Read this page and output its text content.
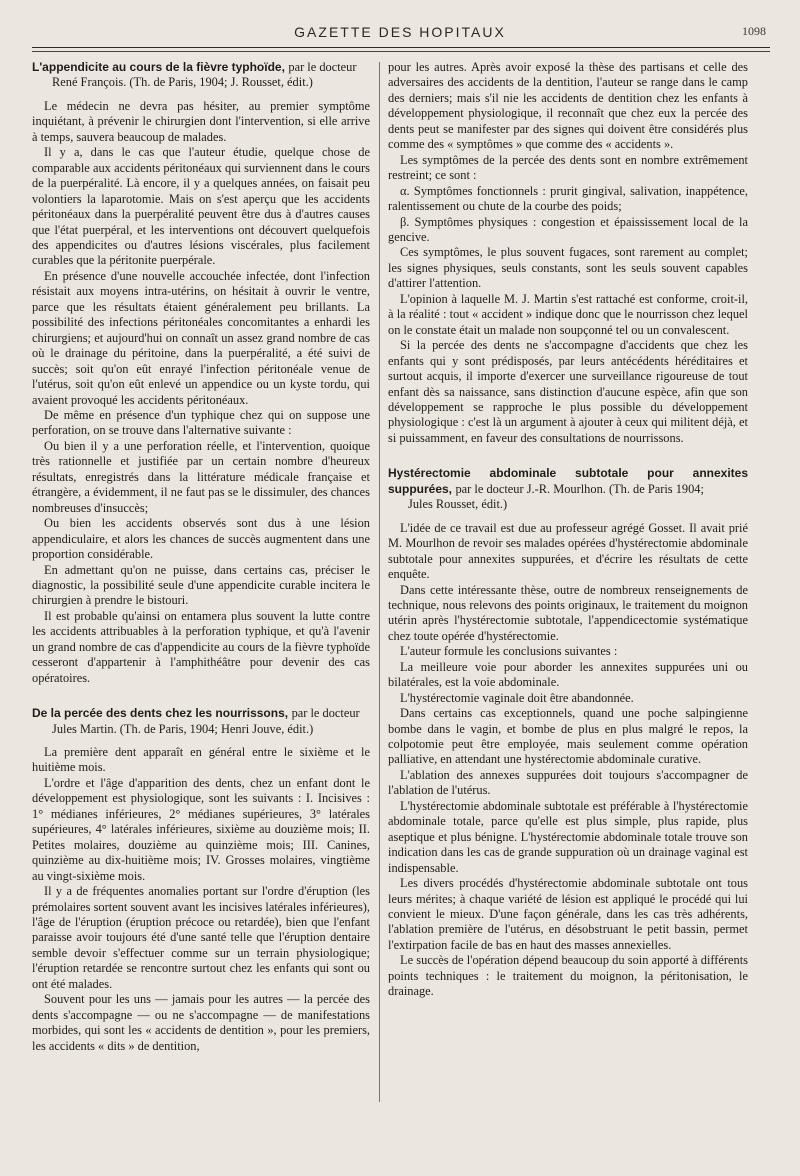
GAZETTE DES HOPITAUX	1098
L'appendicite au cours de la fièvre typhoïde, par le docteur
René François. (Th. de Paris, 1904; J. Rousset, édit.)

Le médecin ne devra pas hésiter, au premier symptôme inquiétant, à prévenir le chirurgien dont l'intervention, si elle arrive à temps, sauvera beaucoup de malades.

Il y a, dans le cas que l'auteur étudie, quelque chose de comparable aux accidents péritonéaux qui surviennent dans le cours de la puerpéralité. Là encore, il y a quelques années, on faisait peu volontiers la laparotomie. Mais on s'est aperçu que les accidents péritonéaux dans la puerpéralité peuvent être dus à d'autres causes que l'état puerpéral, et les interventions ont découvert quelquefois des appendicites ou d'autres lésions viscérales, plus facilement curables que la péritonite puerpérale.

En présence d'une nouvelle accouchée infectée, dont l'infection résistait aux moyens intra-utérins, on hésitait à ouvrir le ventre, parce que les résultats étaient généralement peu brillants. La possibilité des infections péritonéales concomitantes a enhardi les chirurgiens; et aujourd'hui on connaît un assez grand nombre de cas où le drainage du péritoine, dans la puerpéralité, a été suivi de succès; soit qu'on eût enrayé l'infection péritonéale venue de l'utérus, soit qu'on eût enlevé un appendice ou un kyste tordu, qui avaient provoqué les accidents péritonéaux.

De même en présence d'un typhique chez qui on suppose une perforation, on se trouve dans l'alternative suivante :

Ou bien il y a une perforation réelle, et l'intervention, quoique très rationnelle et justifiée par un certain nombre d'heureux résultats, enregistrés dans la littérature médicale française et étrangère, a évidemment, il ne faut pas se le dissimuler, des chances nombreuses d'insuccès;

Ou bien les accidents observés sont dus à une lésion appendiculaire, et alors les chances de succès augmentent dans une proportion considérable.

En admettant qu'on ne puisse, dans certains cas, préciser le diagnostic, la possibilité seule d'une appendicite curable incitera le chirurgien à prendre le bistouri.

Il est probable qu'ainsi on entamera plus souvent la lutte contre les accidents attribuables à la perforation typhique, et qu'à l'avenir un grand nombre de cas d'appendicite au cours de la fièvre typhoïde cesseront d'appartenir à l'amphithéâtre pour devenir des cas opératoires.

De la percée des dents chez les nourrissons, par le docteur
Jules Martin. (Th. de Paris, 1904; Henri Jouve, édit.)

La première dent apparaît en général entre le sixième et le huitième mois.

L'ordre et l'âge d'apparition des dents, chez un enfant dont le développement est physiologique, sont les suivants : I. Incisives : 1° médianes inférieures, 2° médianes supérieures, 3° latérales supérieures, 4° latérales inférieures, sixième au douzième mois; II. Petites molaires, douzième au quinzième mois; III. Canines, quinzième au dix-huitième mois; IV. Grosses molaires, vingtième au vingt-sixième mois.

Il y a de fréquentes anomalies portant sur l'ordre d'éruption (les prémolaires sortent souvent avant les incisives latérales inférieures), l'âge de l'éruption (éruption précoce ou retardée), bien que l'enfant paraisse avoir toujours été d'une santé telle que l'éruption dentaire semble devoir s'effectuer comme sur un terrain physiologique; l'éruption retardée se rencontre surtout chez les enfants qui sont ou ont été malades.

Souvent pour les uns — jamais pour les autres — la percée des dents s'accompagne — ou ne s'accompagne — de manifestations morbides, qui sont les « accidents de dentition », pour les premiers, les accidents « dits » de dentition,

pour les autres. Après avoir exposé la thèse des partisans et celle des adversaires des accidents de la dentition, l'auteur se range dans le camp des derniers; mais s'il nie les accidents de dentition chez les enfants à développement physiologique, il reconnaît que chez eux la percée des dents peut se manifester par des signes qui doivent être considérés plus comme des « symptômes » que comme des « accidents ».

Les symptômes de la percée des dents sont en nombre extrêmement restreint; ce sont :

α. Symptômes fonctionnels : prurit gingival, salivation, inappétence, ralentissement ou chute de la courbe des poids;

β. Symptômes physiques : congestion et épaississement local de la gencive.

Ces symptômes, le plus souvent fugaces, sont rarement au complet; les signes physiques, seuls constants, sont les seuls souvent capables d'attirer l'attention.

L'opinion à laquelle M. J. Martin s'est rattaché est conforme, croit-il, à la réalité : tout « accident » indique donc que le nourrisson chez lequel on le constate était un malade non soupçonné tel ou un convalescent.

Si la percée des dents ne s'accompagne d'accidents que chez les enfants qui y sont prédisposés, par leurs antécédents héréditaires et surtout acquis, il importe d'exercer une surveillance rigoureuse de tout enfant dès sa naissance, sans distinction d'aucune espèce, afin que son développement se rapproche le plus possible du développement physiologique : c'est là un argument à ajouter à ceux qui militent déjà, et si puissamment, en faveur des consultations de nourrissons.

Hystérectomie abdominale subtotale pour annexites suppurées, par le docteur J.-R. Mourlhon. (Th. de Paris 1904;
Jules Rousset, édit.)

L'idée de ce travail est due au professeur agrégé Gosset. Il avait prié M. Mourlhon de revoir ses malades opérées d'hystérectomie abdominale subtotale pour annexites suppurées, et d'écrire les résultats de cette enquête.

Dans cette intéressante thèse, outre de nombreux renseignements de technique, nous relevons des points originaux, le traitement du moignon utérin après l'hystérectomie subtotale, l'appendicectomie systématique chez toute opérée d'hystérectomie.

L'auteur formule les conclusions suivantes :

La meilleure voie pour aborder les annexites suppurées uni ou bilatérales, est la voie abdominale.

L'hystérectomie vaginale doit être abandonnée.

Dans certains cas exceptionnels, quand une poche salpingienne bombe dans le vagin, et bombe de plus en plus malgré le repos, la colpotomie peut être employée, mais seulement comme opération palliative, en attendant une hystérectomie abdominale curative.

L'ablation des annexes suppurées doit toujours s'accompagner de l'ablation de l'utérus.

L'hystérectomie abdominale subtotale est préférable à l'hystérectomie abdominale totale, parce qu'elle est plus simple, plus rapide, plus aseptique et plus bénigne. L'hystérectomie abdominale totale trouve son indication dans les cas de grande suppuration où un drainage vaginal est indispensable.

Les divers procédés d'hystérectomie abdominale subtotale ont tous leurs mérites; à chaque variété de lésion est appliqué le procédé qui lui convient le mieux. D'une façon générale, dans les cas très adhérents, l'ablation première de l'utérus, en désobstruant le petit bassin, permet l'extirpation facile de bas en haut des masses annexielles.

Le succès de l'opération dépend beaucoup du soin apporté à différents points techniques : le traitement du moignon, la péritonisation, le drainage.
